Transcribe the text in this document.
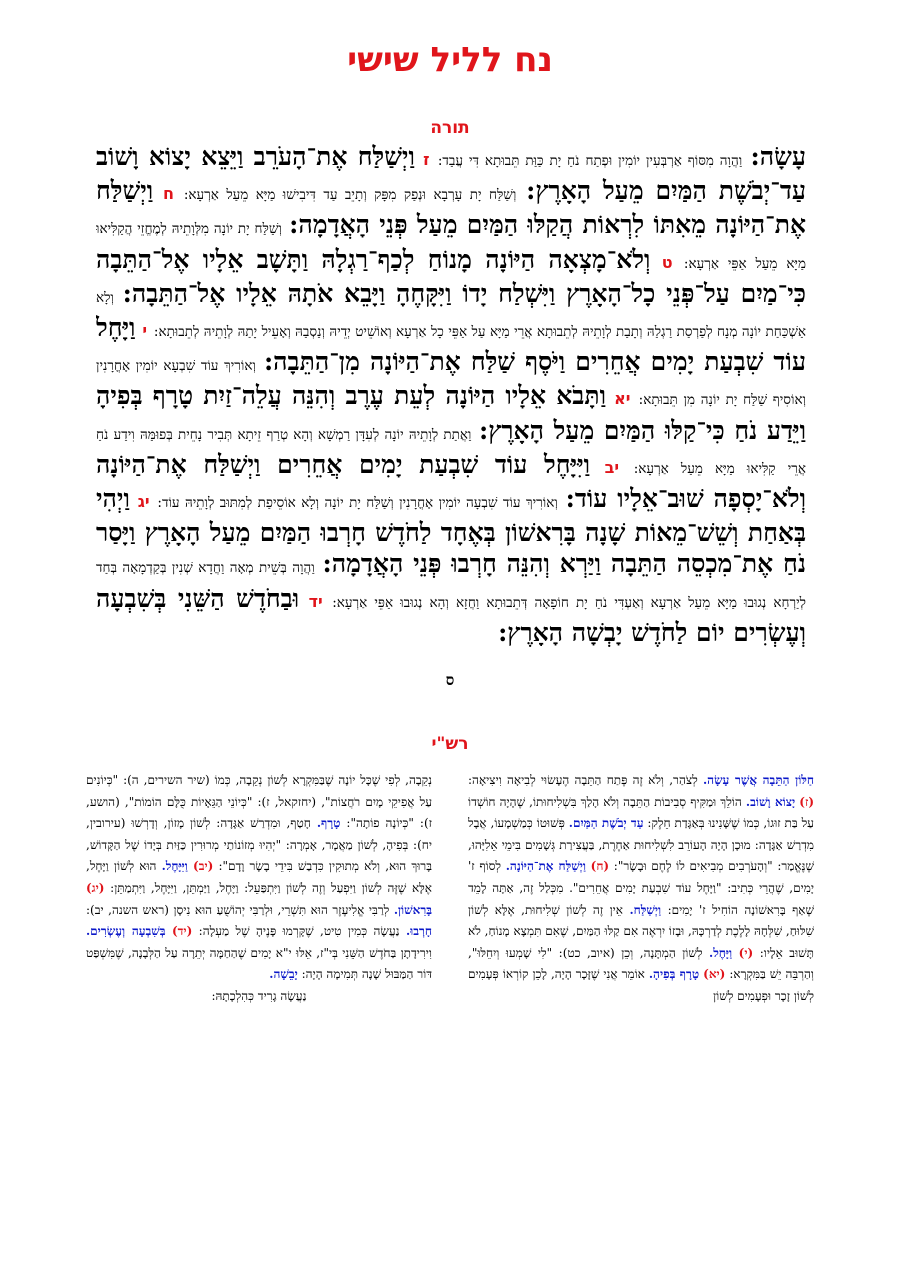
נח לליל שישי
תורה
עָשָׂה: וַהֲוָה מִסּוֹף אַרְבְּעִין יוֹמִין וּפְתַח נֹחַ יָת כַּוַּת תֵּבוּתָא דִּי עֲבַד: ז וַיְשַׁלַּח אֶת־הָעֹרֵב וַיֵּצֵא יָצוֹא וָשׁוֹב עַד־יְבֹשֶׁת הַמַּיִם מֵעַל הָאָרֶץ: וְשַׁלַּח יָת עָרְבָא וּנְפַק מִפָּק וְתָיֵב עַד דִּיבִישׁוּ מַיָּא מֵעַל אַרְעָא: ח וַיְשַׁלַּח אֶת־הַיּוֹנָה מֵאִתּוֹ לִרְאוֹת הֲקַלּוּ הַמַּיִם מֵעַל פְּנֵי הָאֲדָמָה: וְשַׁלַּח יָת יוֹנָה מִלְּוָתֵיהּ לְמֶחֱזֵי הֲקַלִּיאוּ מַיָּא מֵעַל אַפֵּי אַרְעָא: ט וְלֹא־מָצְאָה הַיּוֹנָה מָנוֹחַ לְכַף־רַגְלָהּ וַתָּשָׁב אֵלָיו אֶל־הַתֵּבָה כִּי־מַיִם עַל־פְּנֵי כָל־הָאָרֶץ וַיִּשְׁלַח יָדוֹ וַיִּקָּחֶהָ וַיָּבֵא אֹתָהּ אֵלָיו אֶל־הַתֵּבָה: וְלָא אַשְׁכַּחַת יוֹנָה מְנָח לְפַרְסַת רַגְלַהּ וְתָבַת לְוָתֵיהּ לְתֵבוּתָא אֲרֵי מַיָּא עַל אַפֵּי כָל אַרְעָא וְאוֹשֵׁיט יְדֵיהּ וְנַסְבַהּ וְאָעֵיל יָתַהּ לְוָתֵיהּ לְתֵבוּתָא: י וַיָּחֶל עוֹד שִׁבְעַת יָמִים אֲחֵרִים וַיֹּסֶף שַׁלַּח אֶת־הַיּוֹנָה מִן־הַתֵּבָה: וְאוֹרִיךְ עוֹד שִׁבְעָא יוֹמִין אָחֳרָנִין וְאוֹסִיף שַׁלַּח יָת יוֹנָה מִן תֵּבוּתָא: יא וַתָּבֹא אֵלָיו הַיּוֹנָה לְעֵת עֶרֶב וְהִנֵּה עֲלֵה־זַיִת טָרָף בְּפִיהָ וַיֵּדַע נֹחַ כִּי־קַלּוּ הַמַּיִם מֵעַל הָאָרֶץ: וַאֲתַת לְוָתֵיהּ יוֹנָה לְעִדָּן רַמְשָׁא וְהָא טְרַף זֵיתָא תְּבִיר נָחֵית בְּפוּמַּהּ וִידַע נֹחַ אֲרֵי קַלִּיאוּ מַיָּא מֵעַל אַרְעָא: יב וַיִּיָּחֶל עוֹד שִׁבְעַת יָמִים אֲחֵרִים וַיְשַׁלַּח אֶת־הַיּוֹנָה וְלֹא־יָסְפָה שׁוּב־אֵלָיו עוֹד: וְאוֹרִיךְ עוֹד שִׁבְעָה יוֹמִין אָחֳרָנִין וְשַׁלַּח יָת יוֹנָה וְלָא אוֹסֵיפַת לְמִתּוּב לְוָתֵיהּ עוֹד: יג וַיְהִי בְּאַחַת וְשֵׁשׁ־מֵאוֹת שָׁנָה בָּרִאשׁוֹן בְּאֶחָד לַחֹדֶשׁ חָרְבוּ הַמַּיִם מֵעַל הָאָרֶץ וַיָּסַר נֹחַ אֶת־מִכְסֵה הַתֵּבָה וַיַּרְא וְהִנֵּה חָרְבוּ פְּנֵי הָאֲדָמָה: וַהֲוָה בְּשֵׁית מְאָה וַחֲדָא שְׁנִין בְּקַדְמָאָה בְּחַד לְיַרְחָא נְגוּבוּ מַיָּא מֵעַל אַרְעָא וְאַעְדִּי נֹחַ יָת חוֹפָאָה דְּתֵבוּתָא וַחֲזָא וְהָא נְגוּבוּ אַפֵּי אַרְעָא: יד וּבַחֹדֶשׁ הַשֵּׁנִי בְּשִׁבְעָה וְעֶשְׂרִים יוֹם לַחֹדֶשׁ יָבְשָׁה הָאָרֶץ:
ס
רש"י
חַלּוֹן הַתֵּבָה אֲשֶׁר עָשָׂה. לְצֹהַר, וְלֹא זֶה פֶּתַח הַתֵּבָה הֶעָשׂוּי לְבִיאָה וִיצִיאָה: (ז) יָצוֹא וָשׁוֹב. הוֹלֵךְ וּמַקִּיף סְבִיבוֹת הַתֵּבָה וְלֹא הָלַךְ בִּשְׁלִיחוּתוֹ, שֶׁהָיָה חוֹשְׁדוֹ עַל בַּת זוּגוֹ, כְּמוֹ שֶׁשָּׁנִינוּ בְּאַגָּדַת חֵלֶק: עַד יְבֹשֶׁת הַמַּיִם. פְּשׁוּטוֹ כְּמַשְׁמָעוֹ, אֲבָל מִדְרַשׁ אַגָּדָה: מוּכָן הָיָה הָעוֹרֵב לִשְׁלִיחוּת אַחֶרֶת, בַּעֲצִירַת גְּשָׁמִים בִּימֵי אֵלִיָּהוּ, שֶׁנֶּאֱמַר: "וְהָעֹרְבִים מְבִיאִים לוֹ לֶחֶם וּבָשָׂר": (ח) וַיְשַׁלַּח אֶת־הַיּוֹנָה. לְסוֹף ז' יָמִים, שֶׁהֲרֵי כְּתִיב: "וַיָּחֶל עוֹד שִׁבְעַת יָמִים אֲחֵרִים". מִכְּלַל זֶה, אַתָּה לָמֵד שֶׁאַף בָּרִאשׁוֹנָה הוֹחִיל ז' יָמִים: וַיְשַׁלַּח. אֵין זֶה לְשׁוֹן שְׁלִיחוּת, אֶלָּא לְשׁוֹן שִׁלּוּחַ, שִׁלְּחָהּ לָלֶכֶת לְדַרְכָּהּ, וּבָזוֹ יִרְאֶה אִם קַלּוּ הַמַּיִם, שֶׁאִם תִּמְצָא מָנוֹחַ, לֹא תָּשׁוּב אֵלָיו: (י) וַיָּחֶל. לְשׁוֹן הַמְתָּנָה, וְכֵן (איוב, כט): "לִי שָׁמְעוּ וְיִחֵלּוּ", וְהַרְבֵּה יֵשׁ בַּמִּקְרָא: (יא) טָרָף בְּפִיהָ. אוֹמֵר אֲנִי שֶׁזָּכָר הָיָה, לָכֵן קוֹרְאוֹ פְּעָמִים לְשׁוֹן זָכָר וּפְעָמִים לְשׁוֹן
נְקֵבָה, לְפִי שֶׁכָּל יוֹנָה שֶׁבַּמִּקְרָא לְשׁוֹן נְקֵבָה, כְּמוֹ (שיר השירים, ה): "כְּיוֹנִים עַל אֲפִיקֵי מָיִם רֹחֲצוֹת", (יחזקאל, ז): "כְּיוֹנֵי הַגֵּאָיוֹת כֻּלָּם הוֹמוֹת", (הושע, ז): "כְּיוֹנָה פוֹתָה": טָרָף. חָטַף, וּמִדְרַשׁ אַגָּדָה: לְשׁוֹן מָזוֹן, וְדָרְשׁוּ (עירובין, יח): בְּפִיהָ, לְשׁוֹן מַאֲמָר, אָמְרָה: "יְהִיוּ מְזוֹנוֹתַי מְרוּרִין כַּזַּיִת בְּיָדוֹ שֶׁל הַקָּדוֹשׁ, בָּרוּךְ הוּא, וְלֹא מְתוּקִין כִּדְבַשׁ בִּידֵי בָשָׂר וָדָם": (יב) וַיִּיָּחֶל. הוּא לְשׁוֹן וַיָּחֶל, אֶלָּא שֶׁזֶּה לְשׁוֹן וַיִּפְעַל וְזֶה לְשׁוֹן וַיִּתְפַּעֵל: וַיָּחֶל, וַיַּמְתֵּן, וַיִּיָּחֶל, וַיִּתְמַתֵּן: (יג) בָּרִאשׁוֹן. לְרַבִּי אֱלִיעֶזֶר הוּא תִּשְׁרֵי, וּלְרַבִּי יְהוֹשֻׁעַ הוּא נִיסָן (ראש השנה, יב): חָרְבוּ. נַעֲשָׂה כְּמִין טִיט, שֶׁקָּרְמוּ פָּנֶיהָ שֶׁל מַעְלָה: (יד) בְּשִׁבְעָה וְעֶשְׂרִים. וִירִידָתָן בַּחֹדֶשׁ הַשֵּׁנִי בְּי"ז, אֵלּוּ י"א יָמִים שֶׁהַחַמָּה יְתֵרָה עַל הַלְּבָנָה, שֶׁמִּשְׁפַּט דּוֹר הַמַּבּוּל שָׁנָה תְּמִימָה הָיָה: יָבֵשָׁה.
נַעֲשָׂה גָרִיד כְּהִלְכָתָהּ:
